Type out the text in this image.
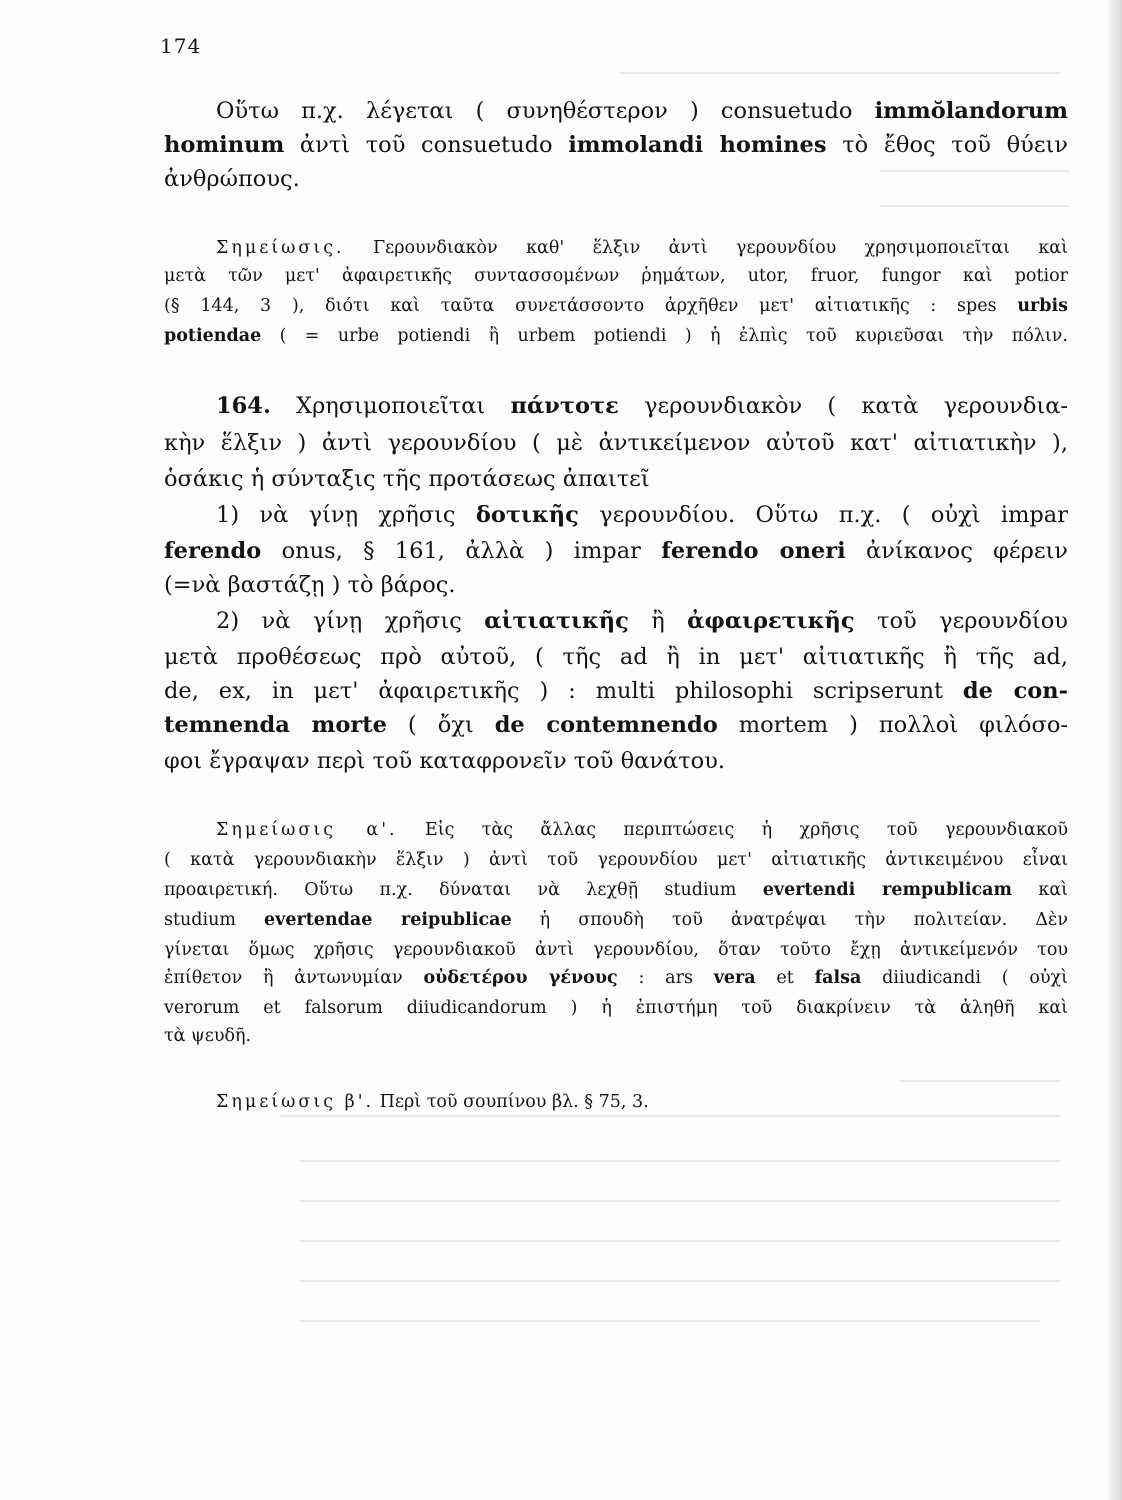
174
Οὕτω π.χ. λέγεται ( συνηθέστερον ) consuetudo immŏlandorum
hominum ἀντὶ τοῦ consuetudo immolandi homines τὸ ἔθος τοῦ θύειν
ἀνθρώπους.
Σημείωσις. Γερουνδιακὸν καθ' ἕλξιν ἀντὶ γερουνδίου χρησιμοποιεῖται καὶ
μετὰ τῶν μετ' ἀφαιρετικῆς συντασσομένων ῥημάτων, utor, fruor, fungor καὶ potior
(§ 144, 3 ), διότι καὶ ταῦτα συνετάσσοντο ἀρχῆθεν μετ' αἰτιατικῆς : spes urbis
potiendae ( = urbe potiendi ἢ urbem potiendi ) ἡ ἐλπὶς τοῦ κυριεῦσαι τὴν πόλιν.
164. Χρησιμοποιεῖται πάντοτε γερουνδιακὸν ( κατὰ γερουνδια-
κὴν ἕλξιν ) ἀντὶ γερουνδίου ( μὲ ἀντικείμενον αὐτοῦ κατ' αἰτιατικὴν ),
ὁσάκις ἡ σύνταξις τῆς προτάσεως ἀπαιτεῖ
1) νὰ γίνῃ χρῆσις δοτικῆς γερουνδίου. Οὕτω π.χ. ( οὐχὶ impar
ferendo onus, § 161, ἀλλὰ ) impar ferendo oneri ἀνίκανος φέρειν
(=νὰ βαστάζῃ ) τὸ βάρος.
2) νὰ γίνῃ χρῆσις αἰτιατικῆς ἢ ἀφαιρετικῆς τοῦ γερουνδίου
μετὰ προθέσεως πρὸ αὐτοῦ, ( τῆς ad ἢ in μετ' αἰτιατικῆς ἢ τῆς ad,
de, ex, in μετ' ἀφαιρετικῆς ) : multi philosophi scripserunt de con-
temnenda morte ( ὄχι de contemnendo mortem ) πολλοὶ φιλόσο-
φοι ἔγραψαν περὶ τοῦ καταφρονεῖν τοῦ θανάτου.
Σημείωσις α'. Εἰς τὰς ἄλλας περιπτώσεις ἡ χρῆσις τοῦ γερουνδιακοῦ
( κατὰ γερουνδιακὴν ἕλξιν ) ἀντὶ τοῦ γερουνδίου μετ' αἰτιατικῆς ἀντικειμένου εἶναι
προαιρετική. Οὕτω π.χ. δύναται νὰ λεχθῇ studium evertendi rempublicam καὶ
studium evertendae reipublicae ἡ σπουδὴ τοῦ ἀνατρέψαι τὴν πολιτείαν. Δὲν
γίνεται ὅμως χρῆσις γερουνδιακοῦ ἀντὶ γερουνδίου, ὅταν τοῦτο ἔχῃ ἀντικείμενόν του
ἐπίθετον ἢ ἀντωνυμίαν οὐδετέρου γένους : ars vera et falsa diiudicandi ( οὐχὶ
verorum et falsorum diiudicandorum ) ἡ ἐπιστήμη τοῦ διακρίνειν τὰ ἀληθῆ καὶ
τὰ ψευδῆ.
Σημείωσις β'. Περὶ τοῦ σουπίνου βλ. § 75, 3.
